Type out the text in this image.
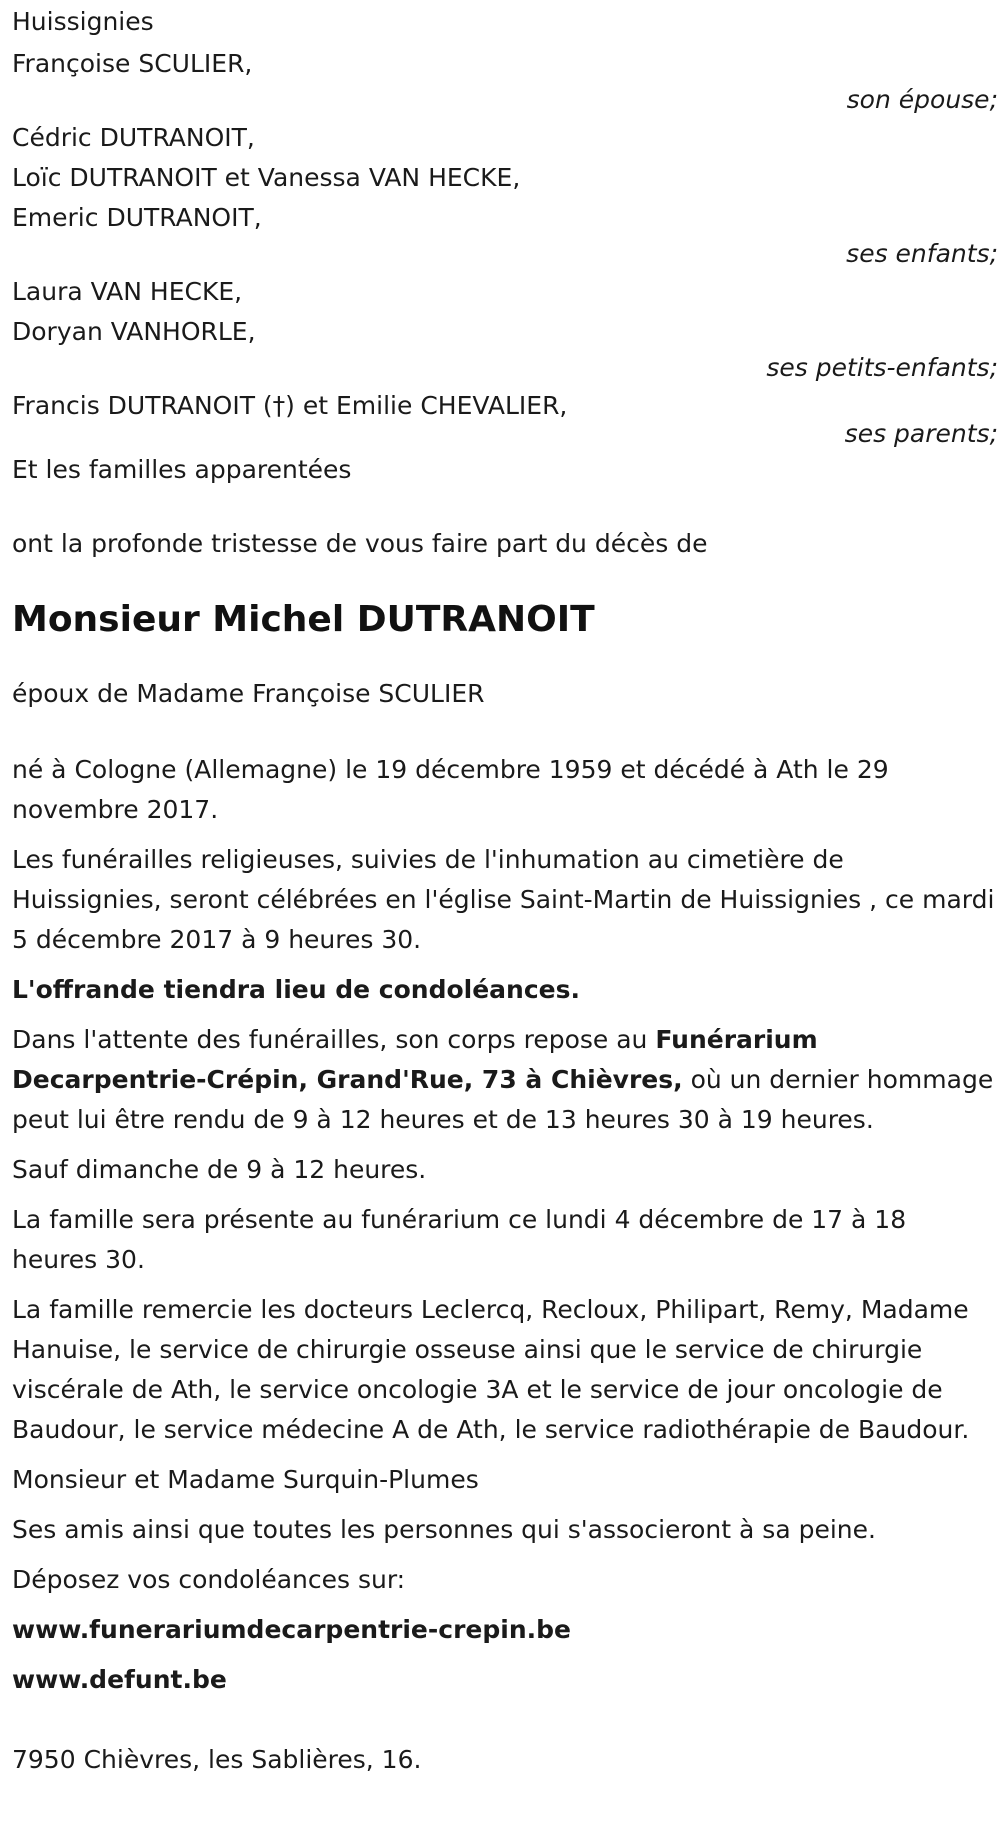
Huissignies

Françoise SCULIER,

son épouse;

Cédric DUTRANOIT,

Loïc DUTRANOIT et Vanessa VAN HECKE,

Emeric DUTRANOIT,

ses enfants;

Laura VAN HECKE,

Doryan VANHORLE,

ses petits-enfants;

Francis DUTRANOIT (†) et Emilie CHEVALIER,

ses parents;

Et les familles apparentées

ont la profonde tristesse de vous faire part du décès de

Monsieur Michel DUTRANOIT

époux de Madame Françoise SCULIER

né à Cologne (Allemagne) le 19 décembre 1959 et décédé à Ath le 29 novembre 2017.

Les funérailles religieuses, suivies de l'inhumation au cimetière de Huissignies, seront célébrées en l'église Saint-Martin de Huissignies , ce mardi 5 décembre 2017 à 9 heures 30.

L'offrande tiendra lieu de condoléances.

Dans l'attente des funérailles, son corps repose au Funérarium Decarpentrie-Crépin, Grand'Rue, 73 à Chièvres, où un dernier hommage peut lui être rendu de 9 à 12 heures et de 13 heures 30 à 19 heures.

Sauf dimanche de 9 à 12 heures.

La famille sera présente au funérarium ce lundi 4 décembre de 17 à 18 heures 30.

La famille remercie les docteurs Leclercq, Recloux, Philipart, Remy, Madame Hanuise, le service de chirurgie osseuse ainsi que le service de chirurgie viscérale de Ath, le service oncologie 3A et le service de jour oncologie de Baudour, le service médecine A de Ath, le service radiothérapie de Baudour.

Monsieur et Madame Surquin-Plumes

Ses amis ainsi que toutes les personnes qui s'associeront à sa peine.

Déposez vos condoléances sur:

www.funerariumdecarpentrie-crepin.be

www.defunt.be

7950 Chièvres, les Sablières, 16.
